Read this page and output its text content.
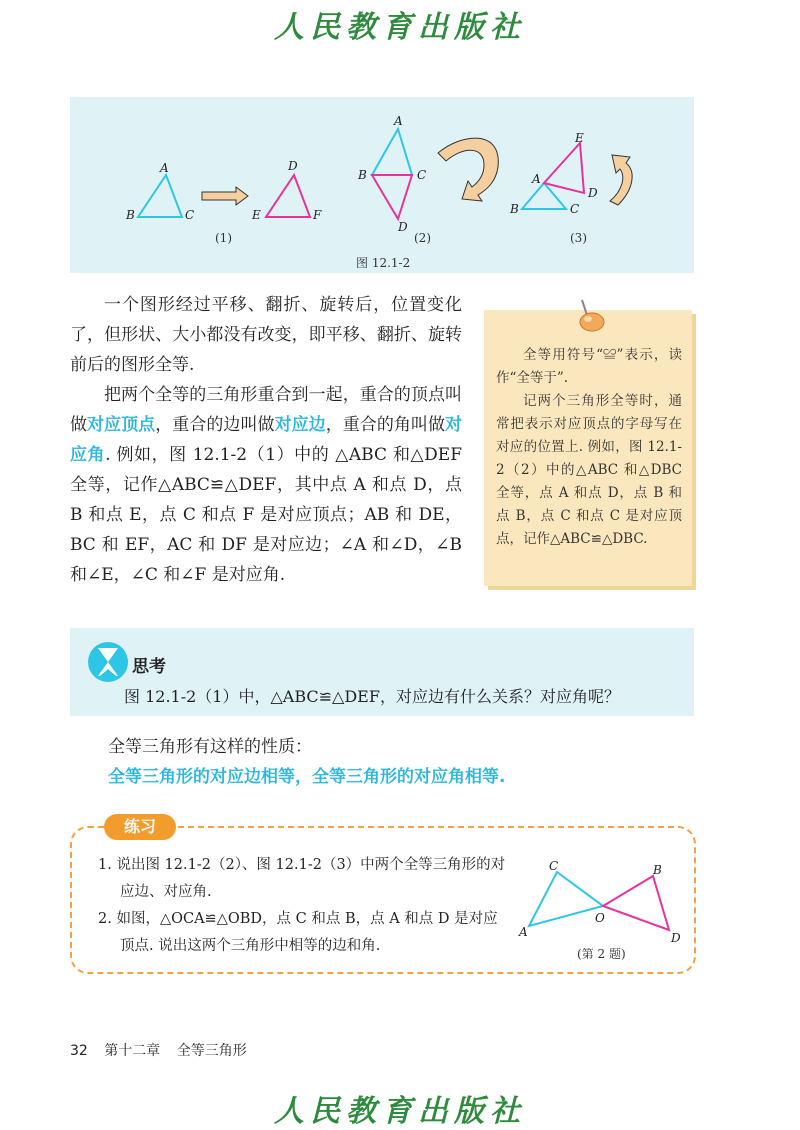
人民教育出版社
A
B	C
D
E	F
(1)
A
B	C
D
(2)
E
A
D
B	C
(3)
图 12.1-2

一个图形经过平移、翻折、旋转后，位置变化了，但形状、大小都没有改变，即平移、翻折、旋转前后的图形全等.

把两个全等的三角形重合到一起，重合的顶点叫做对应顶点，重合的边叫做对应边，重合的角叫做对应角. 例如，图 12.1-2（1）中的 △ABC 和△DEF 全等，记作△ABC≌△DEF，其中点 A 和点 D，点 B 和点 E，点 C 和点 F 是对应顶点；AB 和 DE，BC 和 EF，AC 和 DF 是对应边；∠A 和∠D，∠B 和∠E，∠C 和∠F 是对应角.

全等用符号“≌”表示，读作“全等于”.

记两个三角形全等时，通常把表示对应顶点的字母写在对应的位置上. 例如，图 12.1-2（2）中的△ABC 和△DBC 全等，点 A 和点 D，点 B 和点 B，点 C 和点 C 是对应顶点，记作△ABC≌△DBC.

思考
图 12.1-2（1）中，△ABC≌△DEF，对应边有什么关系？对应角呢？
全等三角形有这样的性质：
全等三角形的对应边相等，全等三角形的对应角相等.
练习
1. 说出图 12.1-2（2）、图 12.1-2（3）中两个全等三角形的对应边、对应角.
2. 如图，△OCA≌△OBD，点 C 和点 B，点 A 和点 D 是对应顶点. 说出这两个三角形中相等的边和角.
C	B
O
A	D
(第 2 题)
32 第十二章 全等三角形
人民教育出版社
